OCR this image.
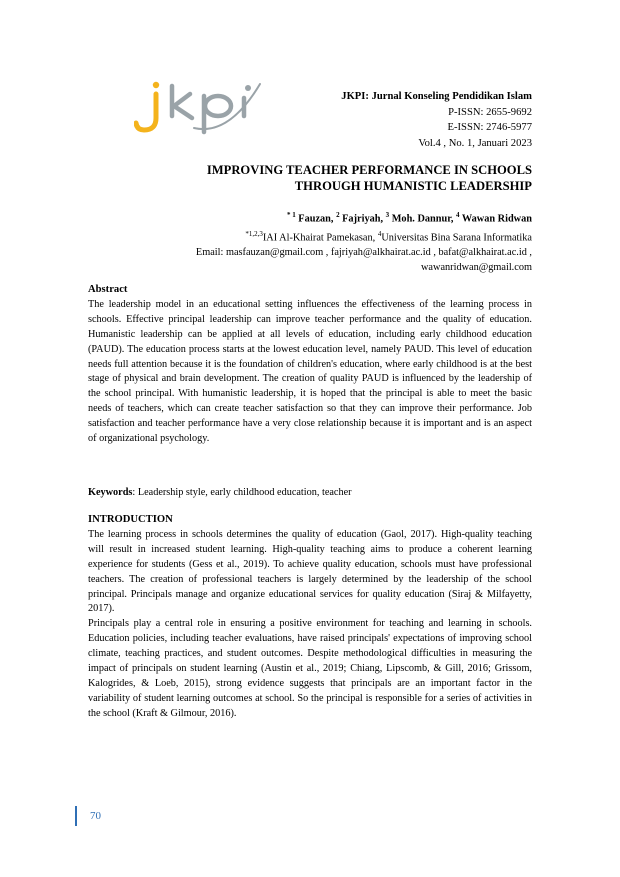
JKPI: Jurnal Konseling Pendidikan Islam
P-ISSN: 2655-9692
E-ISSN: 2746-5977
Vol.4 , No. 1, Januari 2023
IMPROVING TEACHER PERFORMANCE IN SCHOOLS
THROUGH HUMANISTIC LEADERSHIP
$^{* 1}$ Fauzan, $^2$ Fajriyah, $^3$ Moh. Dannur, $^4$ Wawan Ridwan
$^{*1,2,3}$IAI Al-Khairat Pamekasan, $^4$Universitas Bina Sarana Informatika
Email: masfauzan@gmail.com , fajriyah@alkhairat.ac.id , bafat@alkhairat.ac.id ,
wawanridwan@gmail.com
Abstract

The leadership model in an educational setting influences the effectiveness of the learning process in schools. Effective principal leadership can improve teacher performance and the quality of education. Humanistic leadership can be applied at all levels of education, including early childhood education (PAUD). The education process starts at the lowest education level, namely PAUD. This level of education needs full attention because it is the foundation of children's education, where early childhood is at the best stage of physical and brain development. The creation of quality PAUD is influenced by the leadership of the school principal. With humanistic leadership, it is hoped that the principal is able to meet the basic needs of teachers, which can create teacher satisfaction so that they can improve their performance. Job satisfaction and teacher performance have a very close relationship because it is important and is an aspect of organizational psychology.

Keywords: Leadership style, early childhood education, teacher

INTRODUCTION

The learning process in schools determines the quality of education (Gaol, 2017). High-quality teaching will result in increased student learning. High-quality teaching aims to produce a coherent learning experience for students (Gess et al., 2019). To achieve quality education, schools must have professional teachers. The creation of professional teachers is largely determined by the leadership of the school principal. Principals manage and organize educational services for quality education (Siraj & Milfayetty, 2017).

Principals play a central role in ensuring a positive environment for teaching and learning in schools. Education policies, including teacher evaluations, have raised principals' expectations of improving school climate, teaching practices, and student outcomes. Despite methodological difficulties in measuring the impact of principals on student learning (Austin et al., 2019; Chiang, Lipscomb, & Gill, 2016; Grissom, Kalogrides, & Loeb, 2015), strong evidence suggests that principals are an important factor in the variability of student learning outcomes at school. So the principal is responsible for a series of activities in the school (Kraft & Gilmour, 2016).

70
